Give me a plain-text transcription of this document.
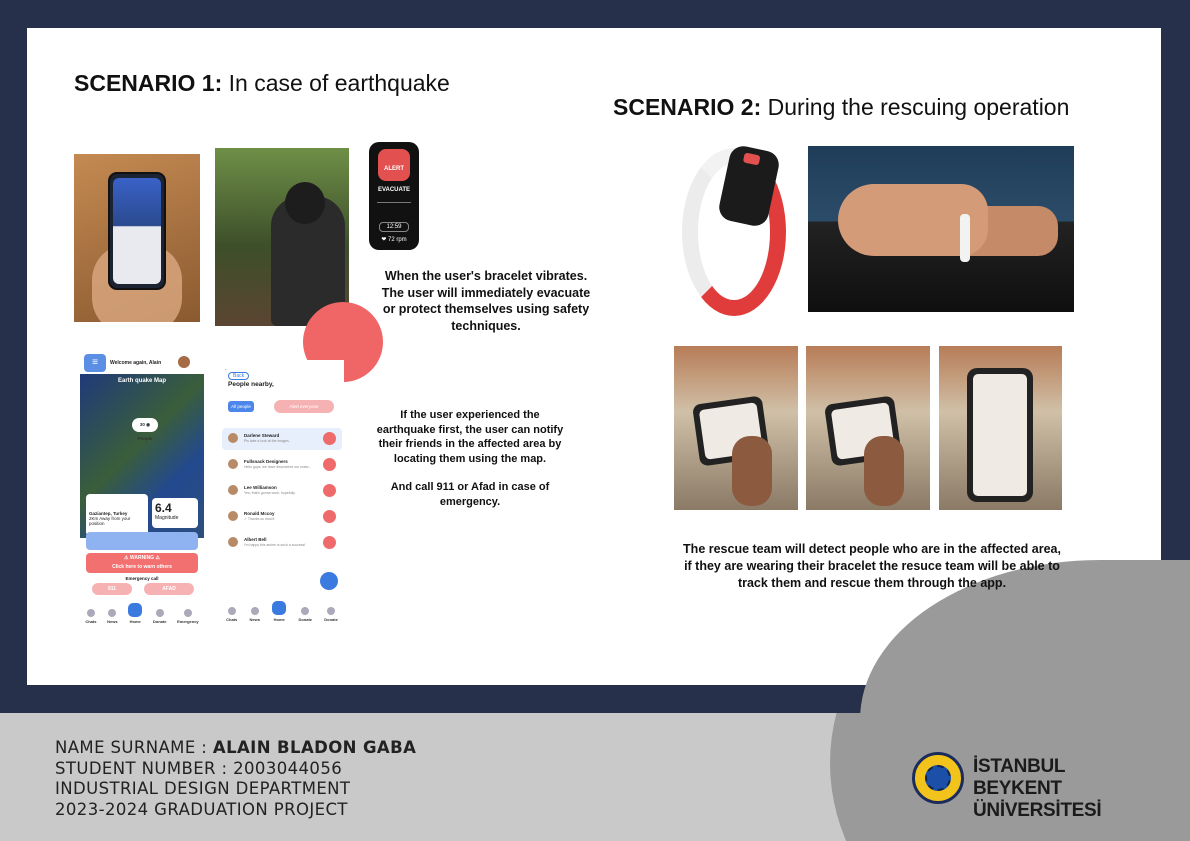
SCENARIO 1: In case of earthquake
SCENARIO 2: During the rescuing operation
ALERT
EVACUATE
12:59
❤ 72 rpm
When the user's bracelet vibrates. The user will immediately evacuate or protect themselves using safety techniques.
If the user experienced the earthquake first, the user can notify their friends in the affected area by locating them using the map.
And call 911 or Afad in case of emergency.
The rescue team will detect people who are in the affected area, if they are wearing their bracelet the resuce team will be able to track them and rescue them through the app.
≡	Welcome again, Alain
Earth quake Map
30 ◉ People
Gaziantep, Turkey
2Km Away from your position
6.4
Magnitude
⚠ WARNING ⚠
Click here to warn others
Emergency call
911	AFAD
Chats	News	Home	Donate	Emergency
←Back
People nearby,
All people	Alert everyone
Darlene Steward
Pls take a look at the images.
Fullsnack Designers
Hello guys, we have discovered our malw...
Lee Williamson
Yes, that's gonna work, hopefully.
Ronald Mccoy
✓ Thanks so much!
Albert Bell
I'm happy this anime is such a success!
Chats	News	Home	Donate	Donate
NAME SURNAME : ALAIN BLADON GABA
STUDENT NUMBER : 2003044056
INDUSTRIAL DESIGN DEPARTMENT
2023-2024 GRADUATION PROJECT
İSTANBUL BEYKENT
ÜNİVERSİTESİ
